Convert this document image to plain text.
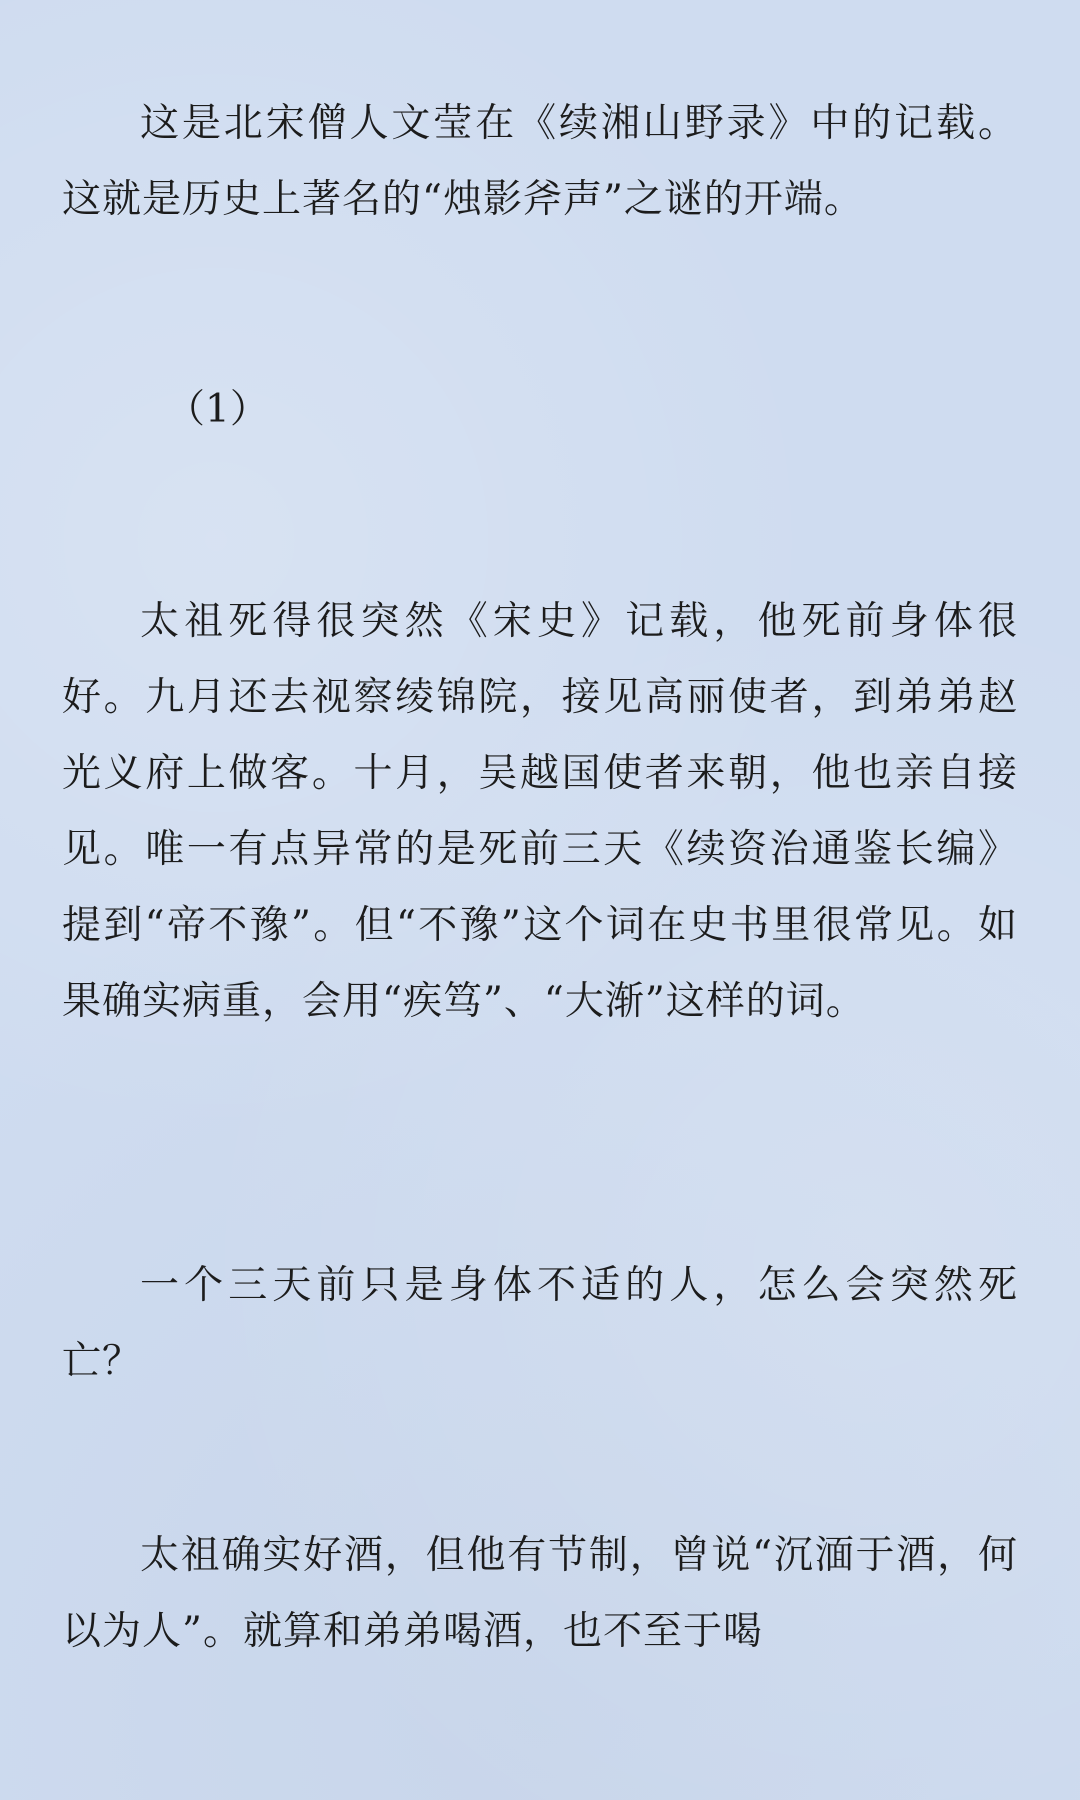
这是北宋僧人文莹在《续湘山野录》中的记载。这就是历史上著名的“烛影斧声”之谜的开端。

（1）

太祖死得很突然《宋史》记载，他死前身体很好。九月还去视察绫锦院，接见高丽使者，到弟弟赵光义府上做客。十月，吴越国使者来朝，他也亲自接见。唯一有点异常的是死前三天《续资治通鉴长编》提到“帝不豫”。但“不豫”这个词在史书里很常见。如果确实病重，会用“疾笃”、“大渐”这样的词。

一个三天前只是身体不适的人，怎么会突然死亡？

太祖确实好酒，但他有节制，曾说“沉湎于酒，何以为人”。就算和弟弟喝酒，也不至于喝
